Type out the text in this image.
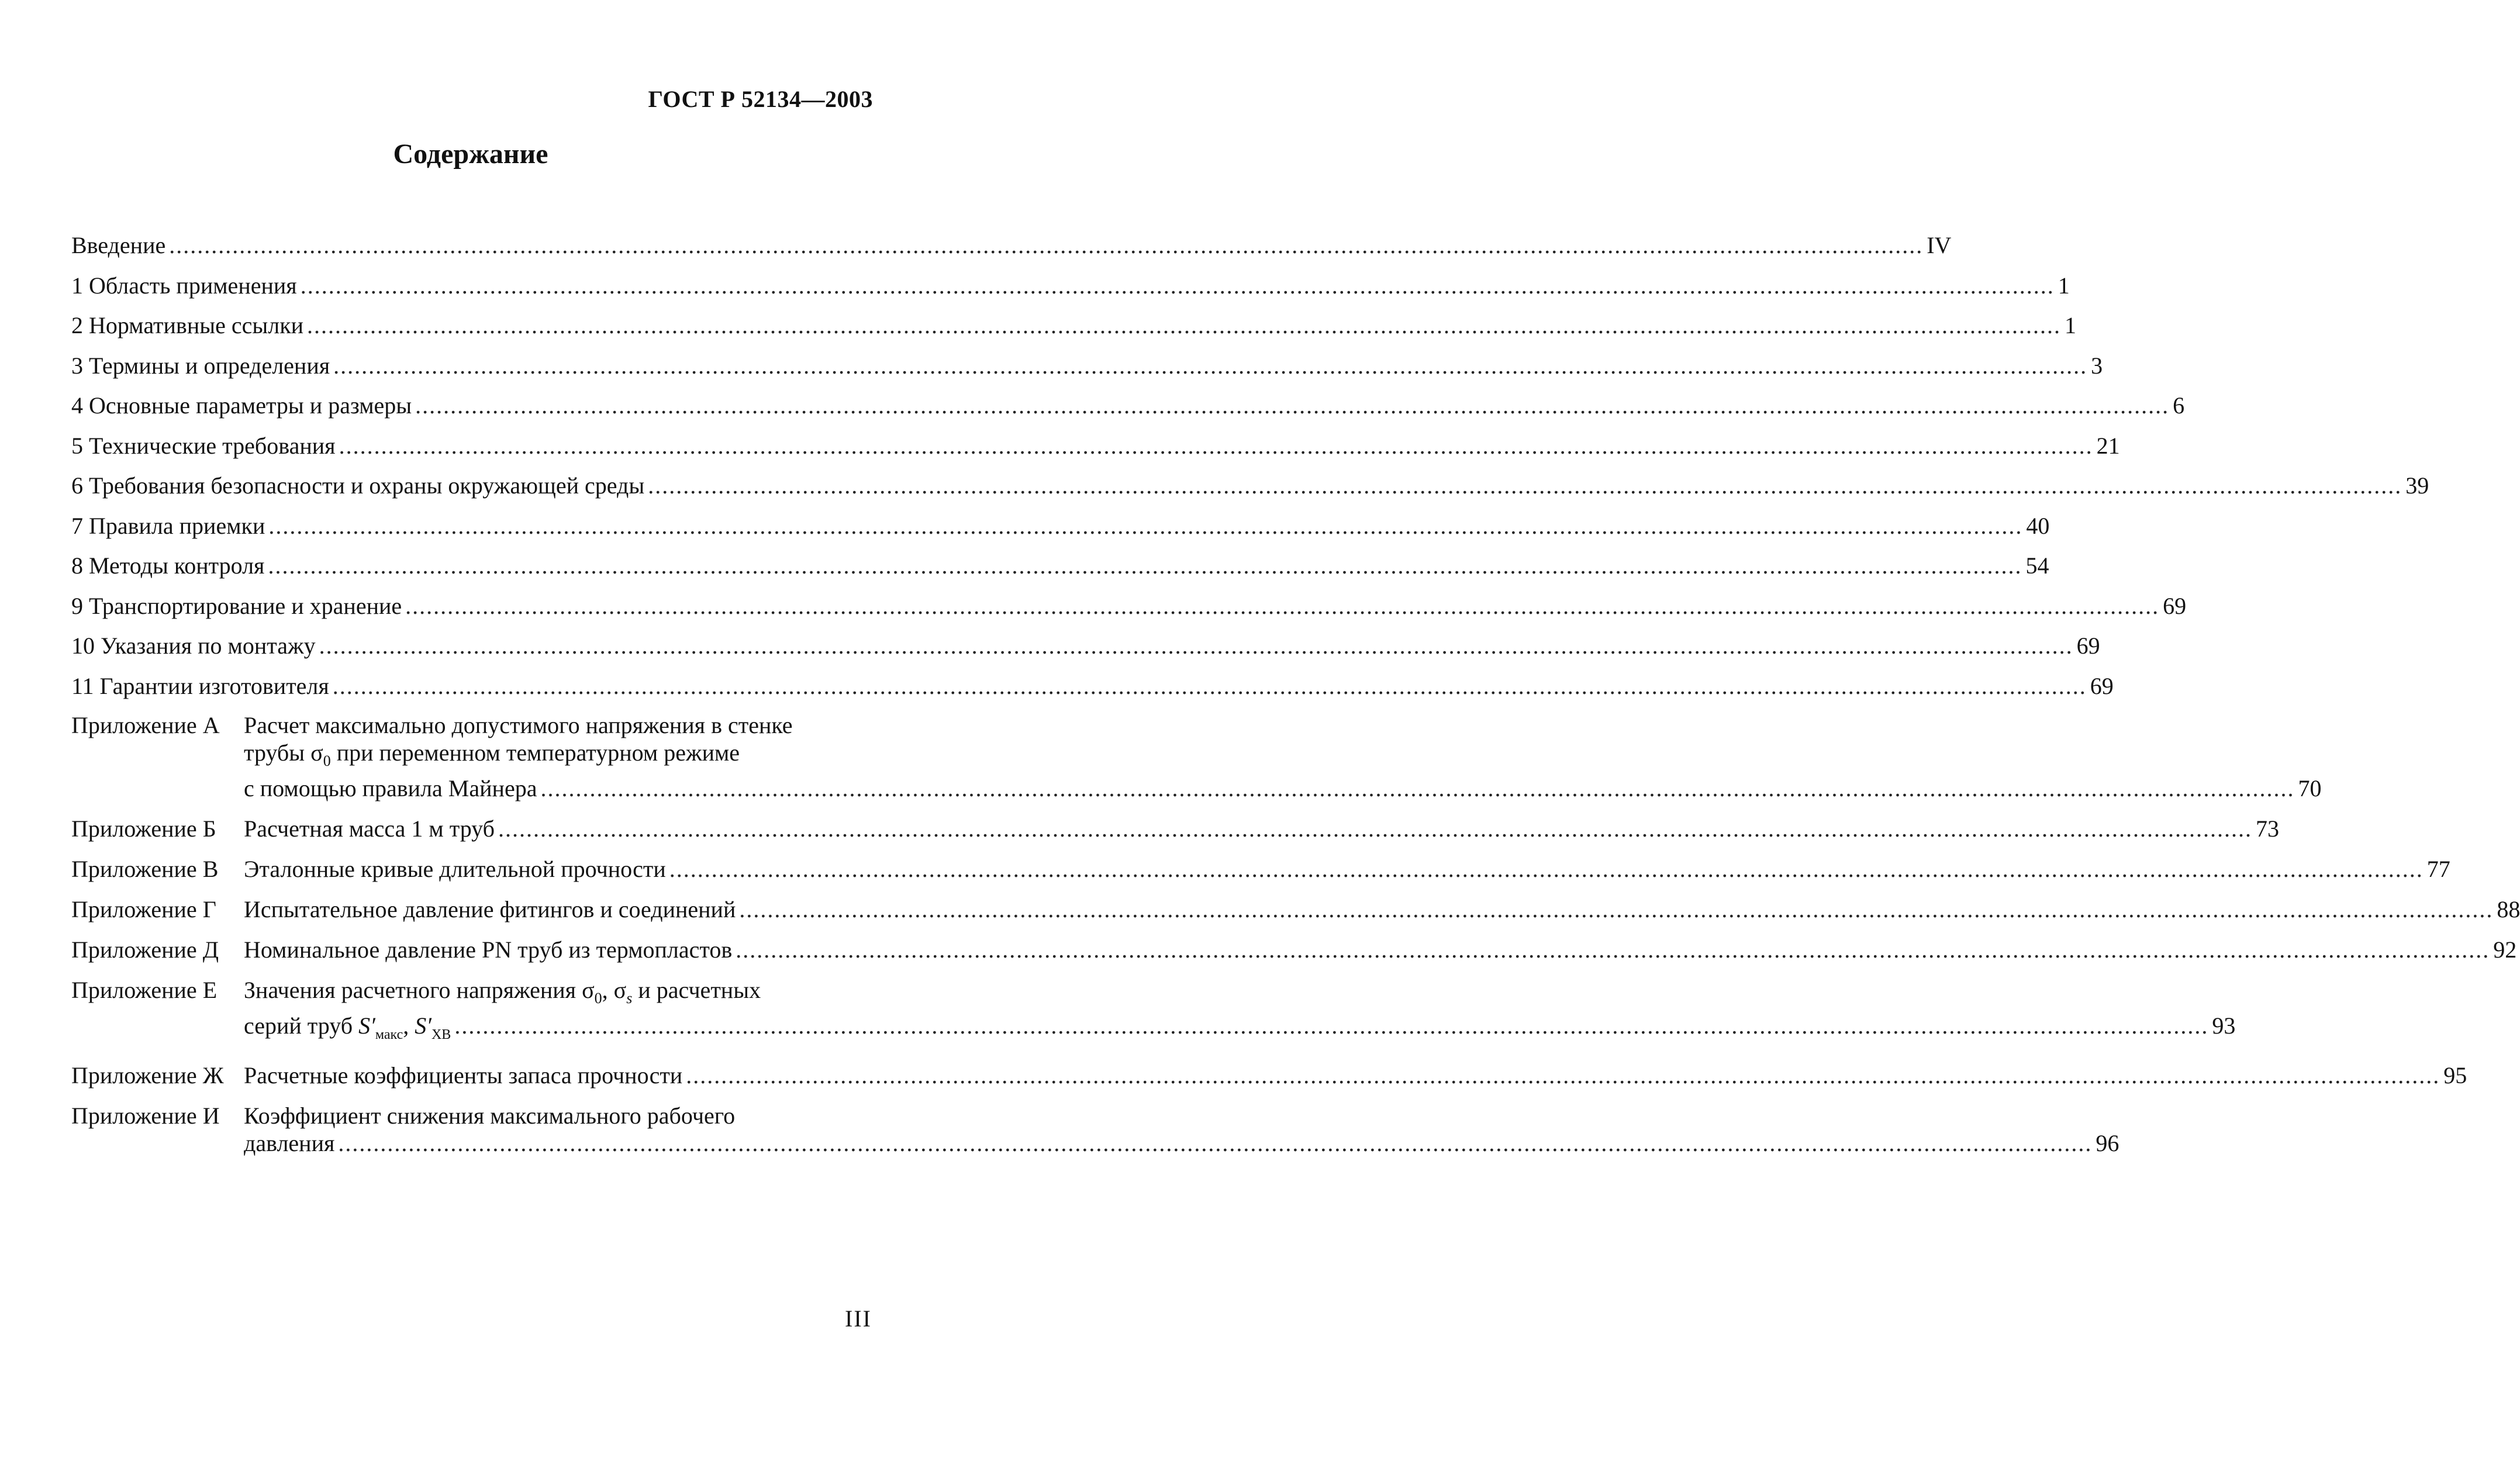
ГОСТ Р 52134—2003
Содержание
Введение .....	IV
1 Область применения .....	1
2 Нормативные ссылки .....	1
3 Термины и определения .....	3
4 Основные параметры и размеры .....	6
5 Технические требования .....	21
6 Требования безопасности и охраны окружающей среды .....	39
7 Правила приемки .....	40
8 Методы контроля .....	54
9 Транспортирование и хранение .....	69
10 Указания по монтажу .....	69
11 Гарантии изготовителя .....	69
Приложение А	Расчет максимально допустимого напряжения в стенке
трубы $\sigma_0$ при переменном температурном режиме
с помощью правила Майнера .....	70
Приложение Б	Расчетная масса 1 м труб .....	73
Приложение В	Эталонные кривые длительной прочности .....	77
Приложение Г	Испытательное давление фитингов и соединений .....	88
Приложение Д	Номинальное давление PN труб из термопластов .....	92
Приложение Е	Значения расчетного напряжения $\sigma_0$, $\sigma_s$ и расчетных
серий труб $S'_{макс}$, $S'_{ХВ}$ .....	93
Приложение Ж Расчетные коэффициенты запаса прочности .....	95
Приложение И	Коэффициент снижения максимального рабочего
давления .....	96
III
